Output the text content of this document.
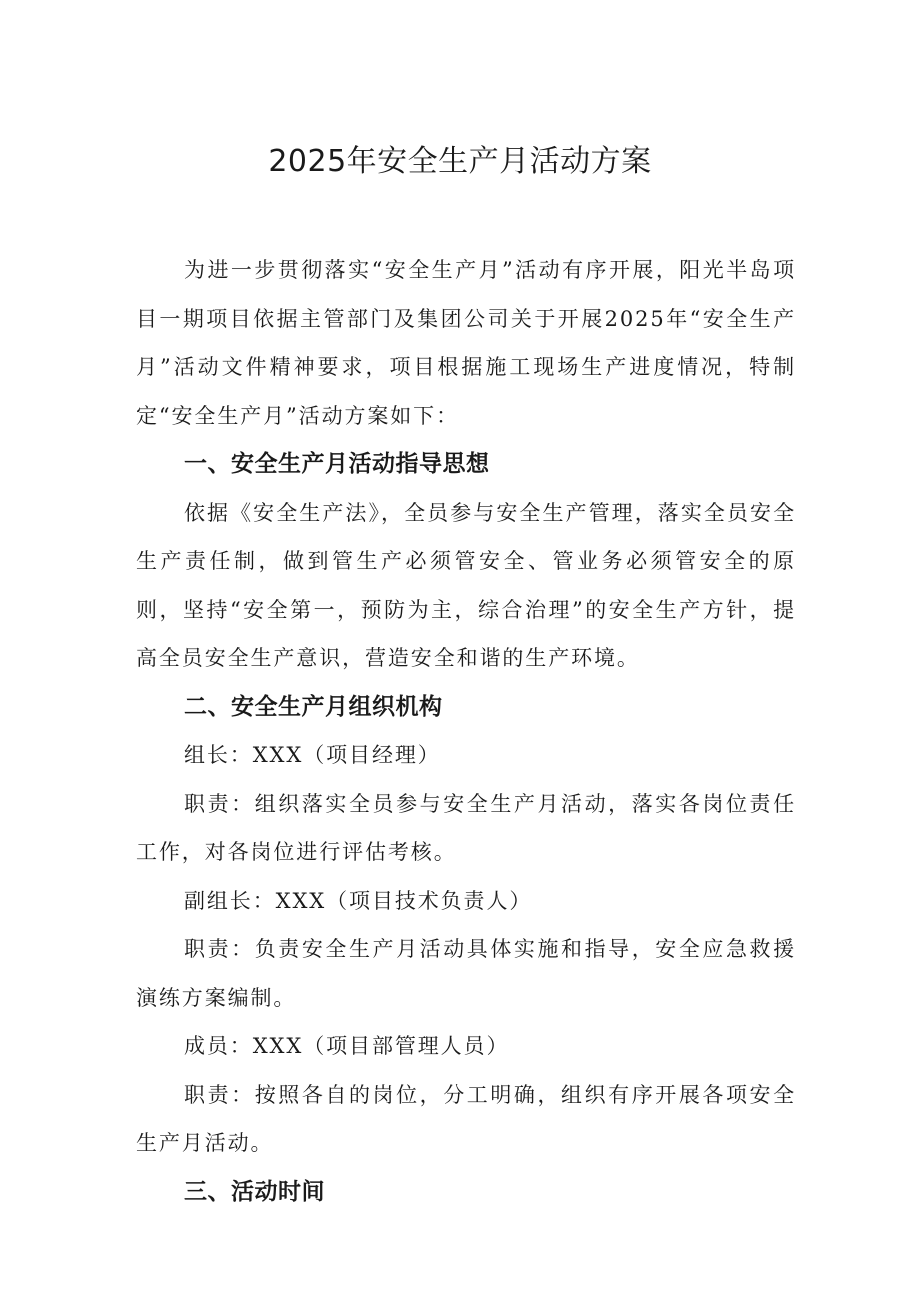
2025年安全生产月活动方案

为进一步贯彻落实“安全生产月”活动有序开展，阳光半岛项目一期项目依据主管部门及集团公司关于开展2025年“安全生产月”活动文件精神要求，项目根据施工现场生产进度情况，特制定“安全生产月”活动方案如下：

一、安全生产月活动指导思想

依据《安全生产法》，全员参与安全生产管理，落实全员安全生产责任制，做到管生产必须管安全、管业务必须管安全的原则，坚持“安全第一，预防为主，综合治理”的安全生产方针，提高全员安全生产意识，营造安全和谐的生产环境。

二、安全生产月组织机构

组长：XXX（项目经理）

职责：组织落实全员参与安全生产月活动，落实各岗位责任工作，对各岗位进行评估考核。

副组长：XXX（项目技术负责人）

职责：负责安全生产月活动具体实施和指导，安全应急救援演练方案编制。

成员：XXX（项目部管理人员）

职责：按照各自的岗位，分工明确，组织有序开展各项安全生产月活动。

三、活动时间
